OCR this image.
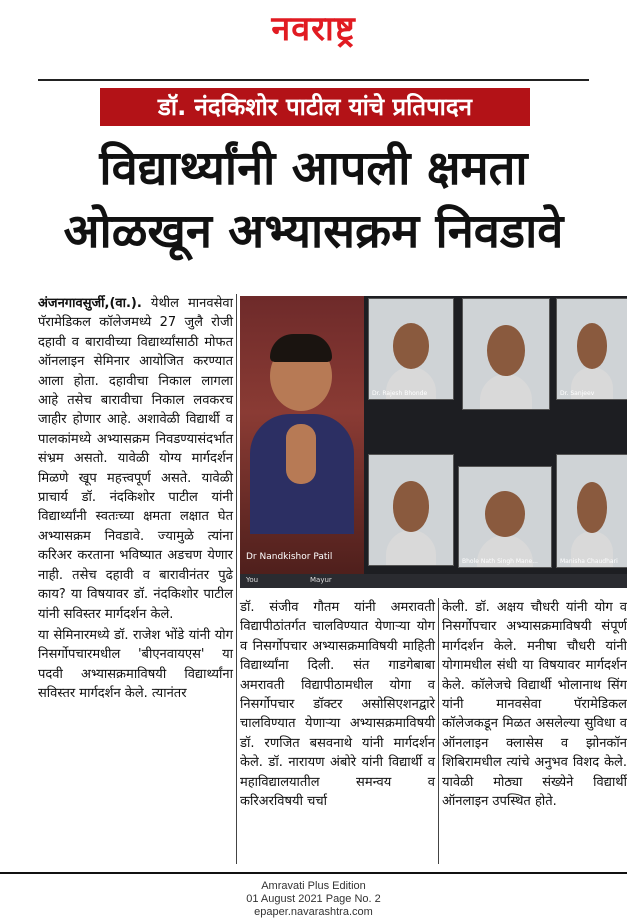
नवराष्ट्र
डॉ. नंदकिशोर पाटील यांचे प्रतिपादन
विद्यार्थ्यांनी आपली क्षमता
ओळखून अभ्यासक्रम निवडावे
अंजनगावसुर्जी,(वा.). येथील मानवसेवा पॅरामेडिकल कॉलेजमध्ये 27 जुलै रोजी दहावी व बारावीच्या विद्यार्थ्यांसाठी मोफत ऑनलाइन सेमिनार आयोजित करण्यात आला होता. दहावीचा निकाल लागला आहे तसेच बारावीचा निकाल लवकरच जाहीर होणार आहे. अशावेळी विद्यार्थी व पालकांमध्ये अभ्यासक्रम निवडण्यासंदर्भात संभ्रम असतो. यावेळी योग्य मार्गदर्शन मिळणे खूप महत्त्वपूर्ण असते. यावेळी प्राचार्य डॉ. नंदकिशोर पाटील यांनी विद्यार्थ्यांनी स्वतःच्या क्षमता लक्षात घेत अभ्यासक्रम निवडावे. ज्यामुळे त्यांना करिअर करताना भविष्यात अडचण येणार नाही. तसेच दहावी व बारावीनंतर पुढे काय? या विषयावर डॉ. नंदकिशोर पाटील यांनी सविस्तर मार्गदर्शन केले.
या सेमिनारमध्ये डॉ. राजेश भोंडे यांनी योग निसर्गोपचारमधील 'बीएनवायएस' या पदवी अभ्यासक्रमाविषयी विद्यार्थ्यांना सविस्तर मार्गदर्शन केले. त्यानंतर
Dr Nandkishor Patil
Dr. Rajesh Bhonde	Dr. Sanjeev
Bhole Nath Singh Mane...	Manisha Chaudhari
You	Mayur
डॉ. संजीव गौतम यांनी अमरावती विद्यापीठांतर्गत चालविण्यात येणाऱ्या योग व निसर्गोपचार अभ्यासक्रमाविषयी माहिती विद्यार्थ्यांना दिली. संत गाडगेबाबा अमरावती विद्यापीठामधील योगा व निसर्गोपचार डॉक्टर असोसिएशनद्वारे चालविण्यात येणाऱ्या अभ्यासक्रमाविषयी डॉ. रणजित बसवनाथे यांनी मार्गदर्शन केले. डॉ. नारायण अंबोरे यांनी विद्यार्थी व महाविद्यालयातील समन्वय व करिअरविषयी चर्चा
केली. डॉ. अक्षय चौधरी यांनी योग व निसर्गोपचार अभ्यासक्रमाविषयी संपूर्ण मार्गदर्शन केले. मनीषा चौधरी यांनी योगामधील संधी या विषयावर मार्गदर्शन केले. कॉलेजचे विद्यार्थी भोलानाथ सिंग यांनी मानवसेवा पॅरामेडिकल कॉलेजकडून मिळत असलेल्या सुविधा व ऑनलाइन क्लासेस व झोनकॉन शिबिरामधील त्यांचे अनुभव विशद केले. यावेळी मोठ्या संख्येने विद्यार्थी ऑनलाइन उपस्थित होते.
Amravati Plus Edition
01 August 2021 Page No. 2
epaper.navarashtra.com
